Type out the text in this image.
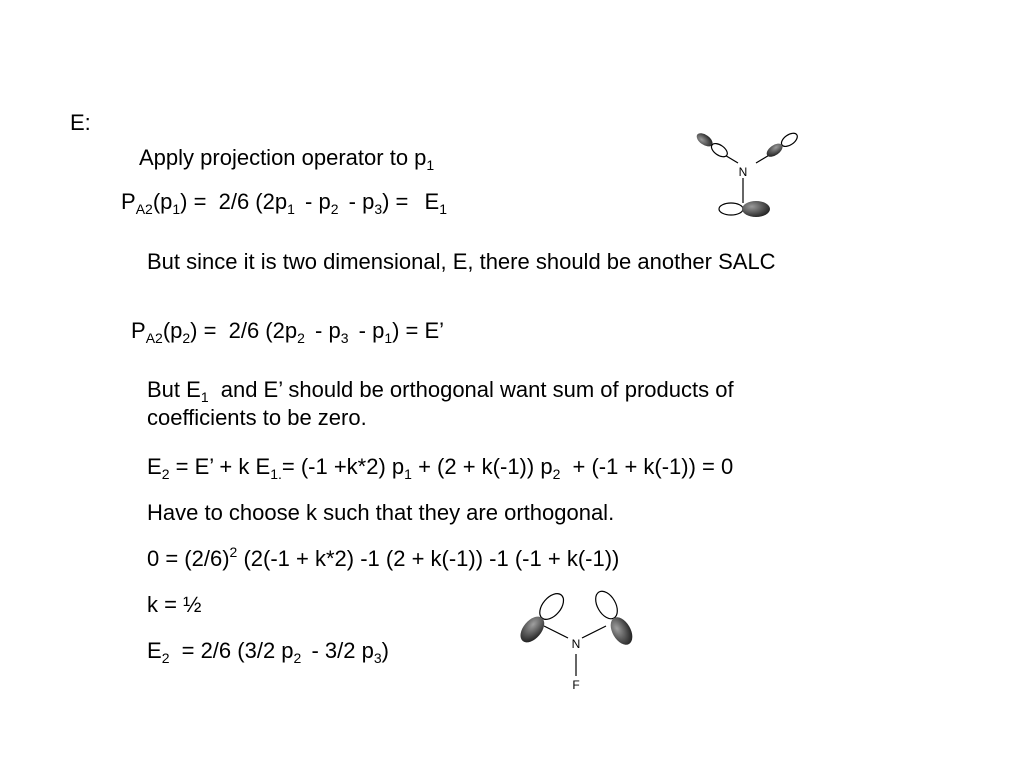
E:
Apply projection operator to $p_1$
$P_{A2}(p_1) = 2/6$ $(2p_1 - p_2 - p_3) = E_1$
But since it is two dimensional, E, there should be another SALC
$P_{A2}(p_2) = 2/6$ $(2p_2 - p_3 - p_1) = E$’
But $E_1$ and E’ should be orthogonal want sum of products of
coefficients to be zero.
$E_2 = E$’ + k $E_{1.}= (-1 +k*2) p_1 + (2 + k(-1)) p_2 + (-1 + k(-1)) = 0$
Have to choose k such that they are orthogonal.
$0 = (2/6)^2$ (2(-1 + k*2) -1 (2 + k(-1)) -1 (-1 + k(-1))
k = ½
$E_2 = 2/6$ (3/2 $p_2 - 3/2$ $p_3$)
N
N
F
